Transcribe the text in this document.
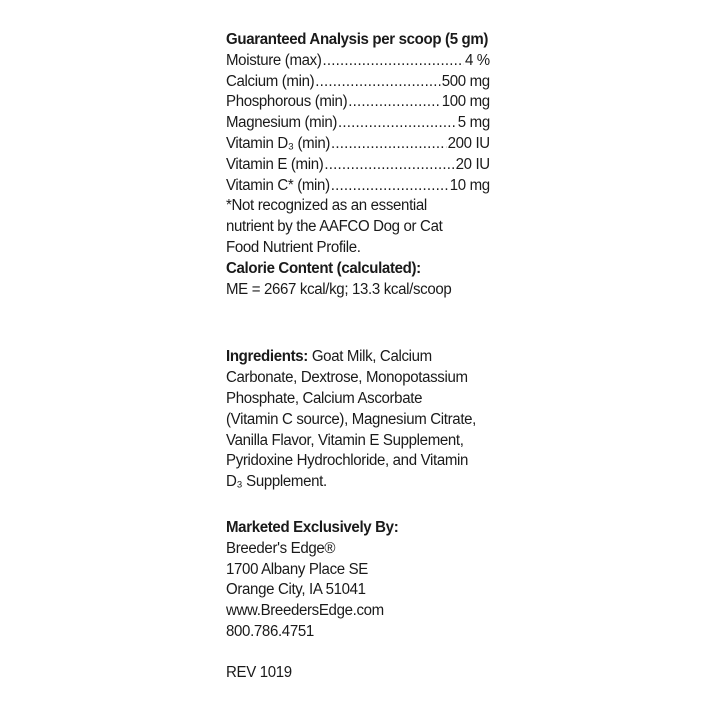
Guaranteed Analysis per scoop (5 gm)

Moisture (max) .....	4 %
Calcium (min) .....	500 mg
Phosphorous (min) .....	100 mg
Magnesium (min) .....	5 mg
Vitamin D₃ (min) .....	200 IU
Vitamin E (min) .....	20 IU
Vitamin C* (min) .....	10 mg

*Not recognized as an essential

nutrient by the AAFCO Dog or Cat

Food Nutrient Profile.

Calorie Content (calculated):

ME = 2667 kcal/kg; 13.3 kcal/scoop

Ingredients: Goat Milk, Calcium

Carbonate, Dextrose, Monopotassium

Phosphate, Calcium Ascorbate

(Vitamin C source), Magnesium Citrate,

Vanilla Flavor, Vitamin E Supplement,

Pyridoxine Hydrochloride, and Vitamin

D₃ Supplement.

Marketed Exclusively By:

Breeder's Edge®

1700 Albany Place SE

Orange City, IA 51041

www.BreedersEdge.com

800.786.4751

REV 1019
